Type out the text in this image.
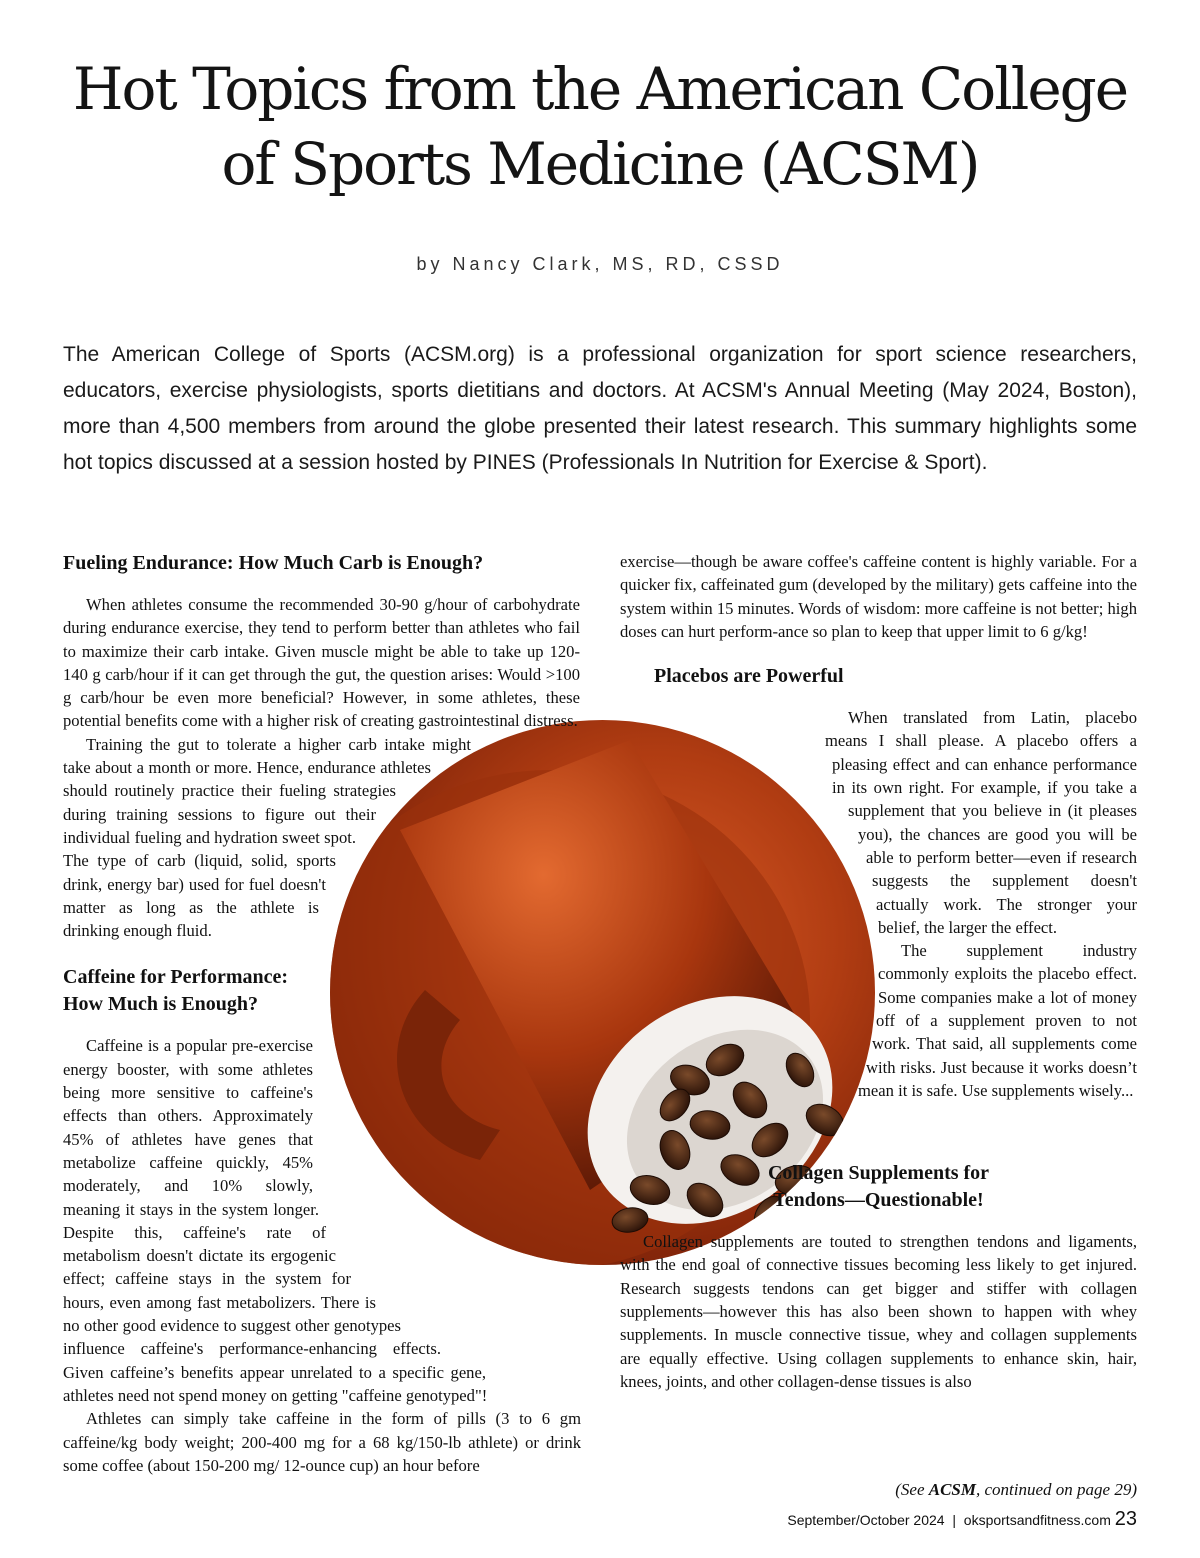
Hot Topics from the American College of Sports Medicine (ACSM)
by Nancy Clark, MS, RD, CSSD

The American College of Sports (ACSM.org) is a professional organization for sport science researchers, educators, exercise physiologists, sports dietitians and doctors. At ACSM's Annual Meeting (May 2024, Boston), more than 4,500 members from around the globe presented their latest research. This summary highlights some hot topics discussed at a session hosted by PINES (Professionals In Nutrition for Exercise & Sport).

Fueling Endurance: How Much Carb is Enough?

When athletes consume the recommended 30-90 g/hour of carbohydrate during endurance exercise, they tend to perform better than athletes who fail to maximize their carb intake. Given muscle might be able to take up 120-140 g carb/hour if it can get through the gut, the question arises: Would >100 g carb/hour be even more beneficial? However, in some athletes, these potential benefits come with a higher risk of creating gastrointestinal distress.

Training the gut to tolerate a higher carb intake might take about a month or more. Hence, endurance athletes should routinely practice their fueling strategies during training sessions to figure out their individual fueling and hydration sweet spot. The type of carb (liquid, solid, sports drink, energy bar) used for fuel doesn't matter as long as the athlete is drinking enough fluid.

Caffeine for Performance:
How Much is Enough?

Caffeine is a popular pre-exercise energy booster, with some athletes being more sensitive to caffeine's effects than others. Approximately 45% of athletes have genes that metabolize caffeine quickly, 45% moderately, and 10% slowly, meaning it stays in the system longer. Despite this, caffeine's rate of metabolism doesn't dictate its ergogenic effect; caffeine stays in the system for hours, even among fast metabolizers. There is no other good evidence to suggest other genotypes influence caffeine's performance-enhancing effects. Given caffeine’s benefits appear unrelated to a specific gene, athletes need not spend money on getting "caffeine genotyped"!

Athletes can simply take caffeine in the form of pills (3 to 6 gm caffeine/kg body weight; 200-400 mg for a 68 kg/150-lb athlete) or drink some coffee (about 150-200 mg/ 12-ounce cup) an hour before

exercise—though be aware coffee's caffeine content is highly variable. For a quicker fix, caffeinated gum (developed by the military) gets caffeine into the system within 15 minutes. Words of wisdom: more caffeine is not better; high doses can hurt perform-ance so plan to keep that upper limit to 6 g/kg!

Placebos are Powerful

When translated from Latin, placebo means I shall please. A placebo offers a pleasing effect and can enhance performance in its own right. For example, if you take a supplement that you believe in (it pleases you), the chances are good you will be able to perform better—even if research suggests the supplement doesn't actually work. The stronger your belief, the larger the effect.

The supplement industry commonly exploits the placebo effect. Some companies make a lot of money off of a supplement proven to not work. That said, all supplements come with risks. Just because it works doesn’t mean it is safe. Use supplements wisely...

Collagen Supplements for
Tendons—Questionable!

Collagen supplements are touted to strengthen tendons and ligaments, with the end goal of connective tissues becoming less likely to get injured. Research suggests tendons can get bigger and stiffer with collagen supplements—however this has also been shown to happen with whey supplements. In muscle connective tissue, whey and collagen supplements are equally effective. Using collagen supplements to enhance skin, hair, knees, joints, and other collagen-dense tissues is also

(See ACSM, continued on page 29)
September/October 2024 | oksportsandfitness.com 23
